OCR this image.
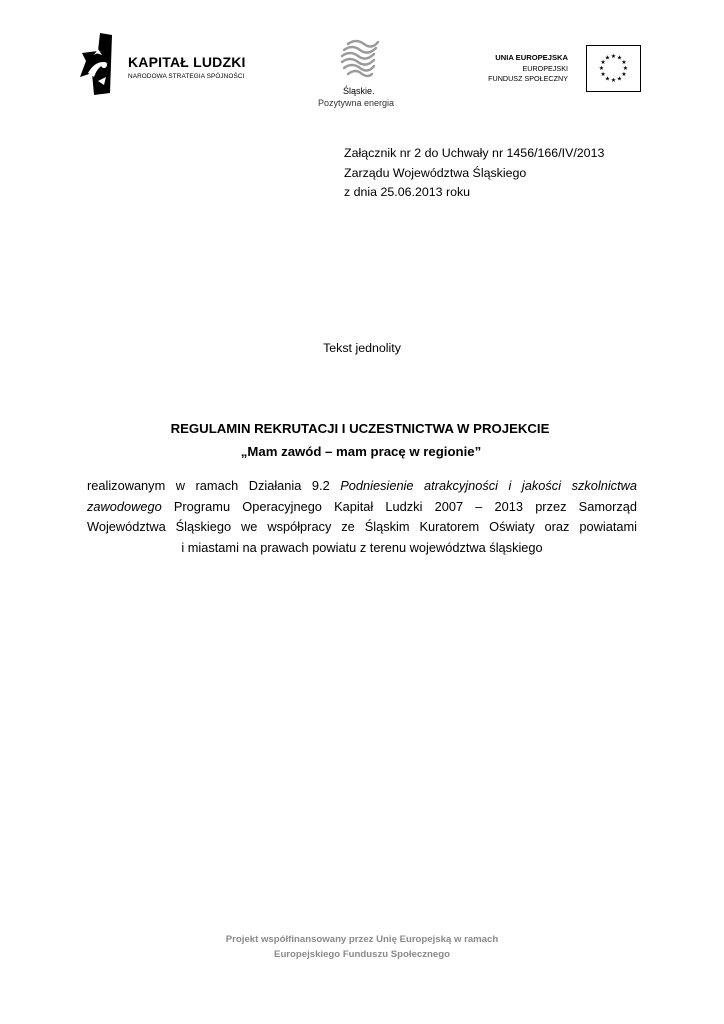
KAPITAŁ LUDZKI
NARODOWA STRATEGIA SPÓJNOŚCI
Śląskie.
Pozytywna energia
UNIA EUROPEJSKA
EUROPEJSKI
FUNDUSZ SPOŁECZNY
★ ★
★
★
★
★
★
★
★
★
★
★
Załącznik nr 2 do Uchwały nr 1456/166/IV/2013
Zarządu Województwa Śląskiego
z dnia 25.06.2013 roku
Tekst jednolity
REGULAMIN REKRUTACJI I UCZESTNICTWA W PROJEKCIE
„Mam zawód – mam pracę w regionie”
realizowanym w ramach Działania 9.2 Podniesienie atrakcyjności i jakości szkolnictwa
zawodowego Programu Operacyjnego Kapitał Ludzki 2007 – 2013 przez Samorząd
Województwa Śląskiego we współpracy ze Śląskim Kuratorem Oświaty oraz powiatami
i miastami na prawach powiatu z terenu województwa śląskiego
Projekt współfinansowany przez Unię Europejską w ramach
Europejskiego Funduszu Społecznego
